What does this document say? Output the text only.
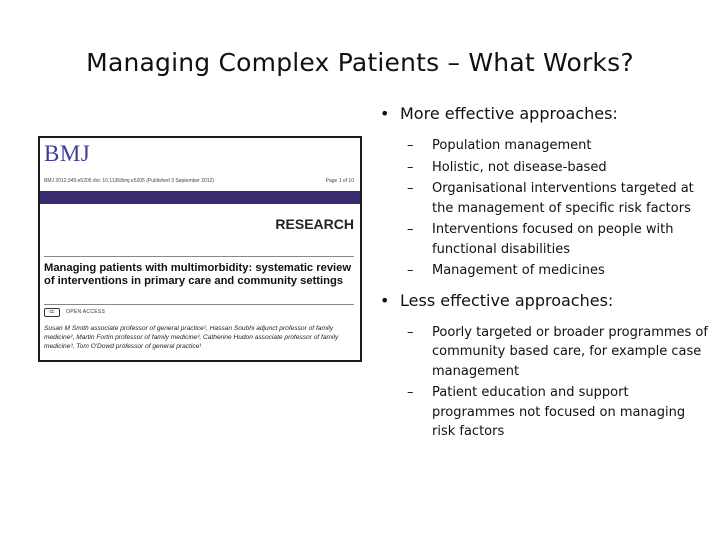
Managing Complex Patients – What Works?
BMJ
BMJ 2012;345:e5205 doi: 10.1136/bmj.e5205 (Published 3 September 2012)	Page 1 of 10
RESEARCH
Managing patients with multimorbidity: systematic review of interventions in primary care and community settings
cc	OPEN ACCESS
Susan M Smith associate professor of general practice¹, Hassan Soubhi adjunct professor of family medicine², Martin Fortin professor of family medicine³, Catherine Hudon associate professor of family medicine³, Tom O'Dowd professor of general practice¹
• More effective approaches:
– Population management
– Holistic, not disease-based
– Organisational interventions targeted at the management of specific risk factors
– Interventions focused on people with functional disabilities
– Management of medicines
• Less effective approaches:
– Poorly targeted or broader programmes of community based care, for example case management
– Patient education and support programmes not focused on managing risk factors
